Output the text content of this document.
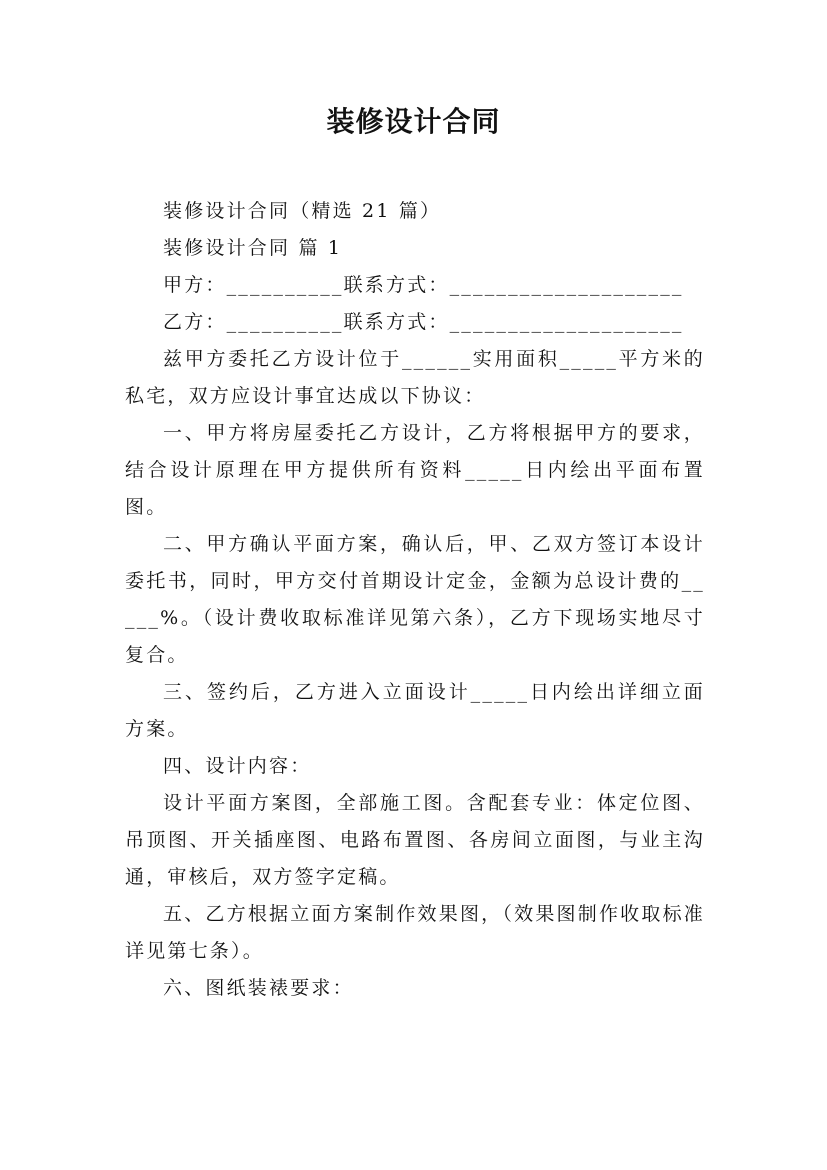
装修设计合同

装修设计合同（精选 21 篇）

装修设计合同 篇 1

甲方：__________联系方式：____________________

乙方：__________联系方式：____________________

兹甲方委托乙方设计位于______实用面积_____平方米的私宅，双方应设计事宜达成以下协议：

一、甲方将房屋委托乙方设计，乙方将根据甲方的要求，结合设计原理在甲方提供所有资料_____日内绘出平面布置图。

二、甲方确认平面方案，确认后，甲、乙双方签订本设计委托书，同时，甲方交付首期设计定金，金额为总设计费的_____%。（设计费收取标准详见第六条），乙方下现场实地尽寸复合。

三、签约后，乙方进入立面设计_____日内绘出详细立面方案。

四、设计内容：

设计平面方案图，全部施工图。含配套专业：体定位图、吊顶图、开关插座图、电路布置图、各房间立面图，与业主沟通，审核后，双方签字定稿。

五、乙方根据立面方案制作效果图，（效果图制作收取标准详见第七条）。

六、图纸装裱要求：
